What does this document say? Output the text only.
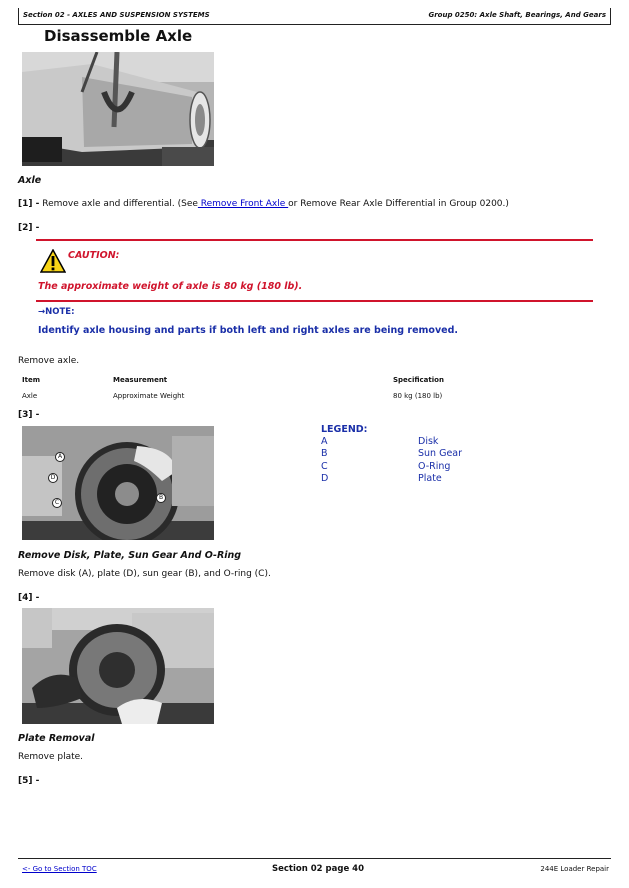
Section 02 - AXLES AND SUSPENSION SYSTEMS	Group 0250: Axle Shaft, Bearings, And Gears
Disassemble Axle
Axle
[1] - Remove axle and differential. (See Remove Front Axle or Remove Rear Axle Differential in Group 0200.)
[2] -
CAUTION:
The approximate weight of axle is 80 kg (180 lb).
→NOTE:
Identify axle housing and parts if both left and right axles are being removed.
Remove axle.
Item	Measurement	Specification
Axle	Approximate Weight	80 kg (180 lb)
[3] -
A
D
C
B
LEGEND:
A	Disk
B	Sun Gear
C	O-Ring
D	Plate
Remove Disk, Plate, Sun Gear And O-Ring
Remove disk (A), plate (D), sun gear (B), and O-ring (C).
[4] -
Plate Removal
Remove plate.
[5] -
<- Go to Section TOC	Section 02 page 40	244E Loader Repair
